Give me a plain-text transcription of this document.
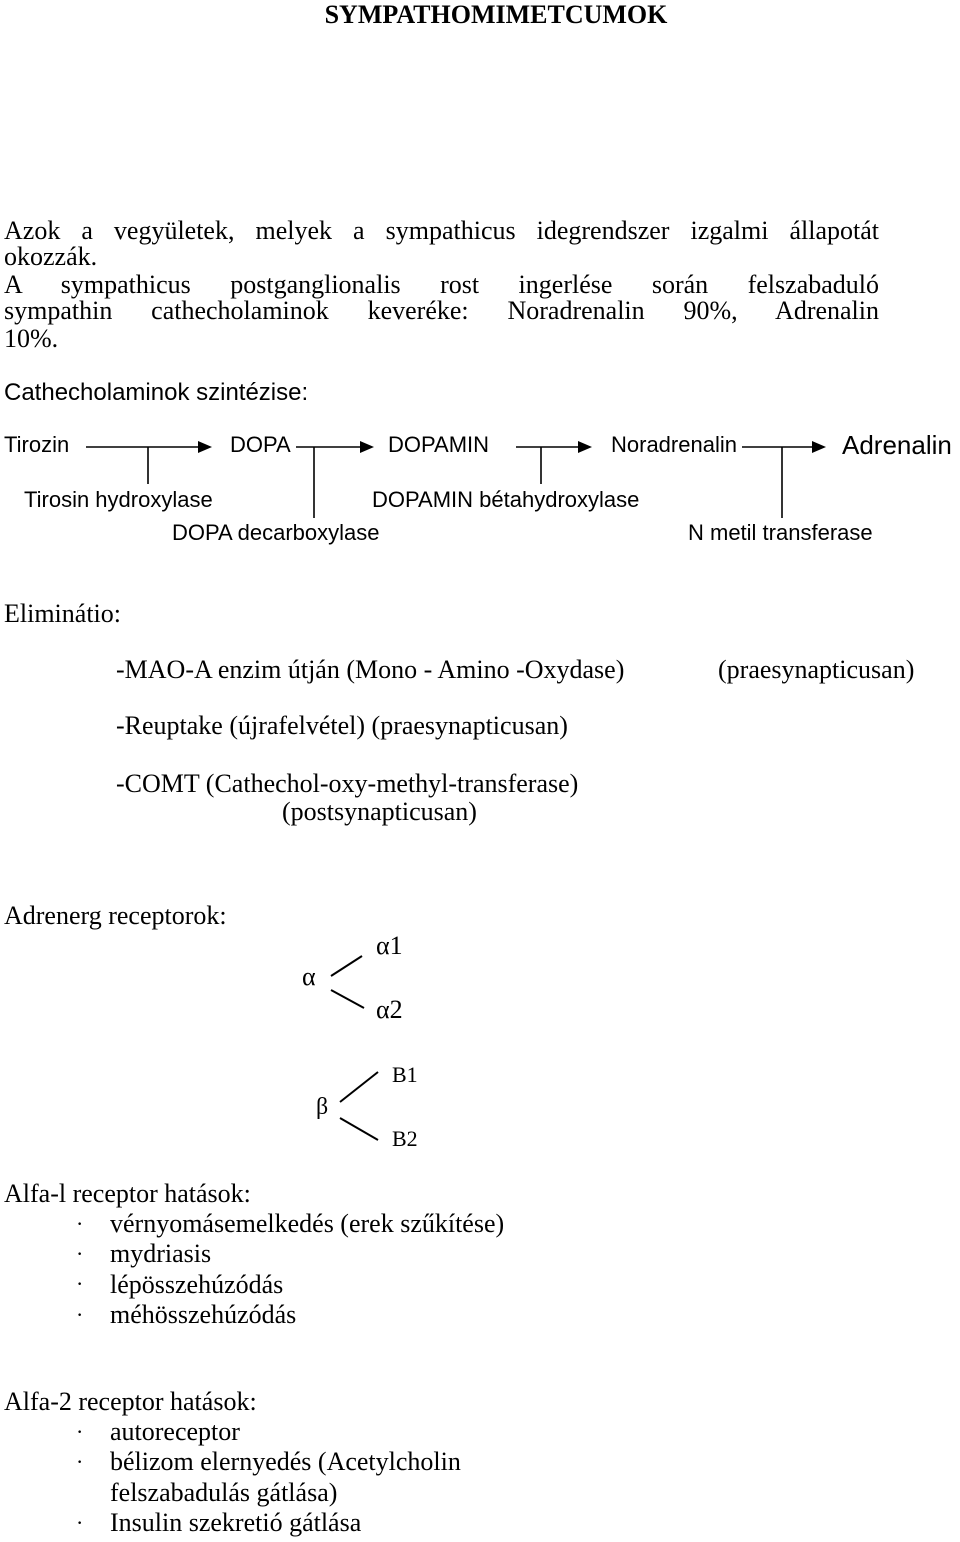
SYMPATHOMIMETCUMOK
Azok a vegyületek, melyek a sympathicus idegrendszer izgalmi állapotát
okozzák.
A sympathicus postganglionalis rost ingerlése során felszabaduló
sympathin cathecholaminok keveréke: Noradrenalin 90%, Adrenalin
10%.
Cathecholaminok szintézise:
Tirozin	DOPA	DOPAMIN	Noradrenalin	Adrenalin
Tirosin hydroxylase	DOPAMIN bétahydroxylase
DOPA decarboxylase	N metil transferase
Eliminátio:
-MAO-A enzim útján (Mono - Amino -Oxydase)	(praesynapticusan)
-Reuptake (újrafelvétel) (praesynapticusan)
-COMT (Cathechol-oxy-methyl-transferase)
(postsynapticusan)
Adrenerg receptorok:
α
α1
α2
β
B1
B2
Alfa-l receptor hatások:
· vérnyomásemelkedés (erek szűkítése)
· mydriasis
· lépösszehúzódás
· méhösszehúzódás
Alfa-2 receptor hatások:
· autoreceptor
· bélizom elernyedés (Acetylcholin
felszabadulás gátlása)
· Insulin szekretió gátlása
